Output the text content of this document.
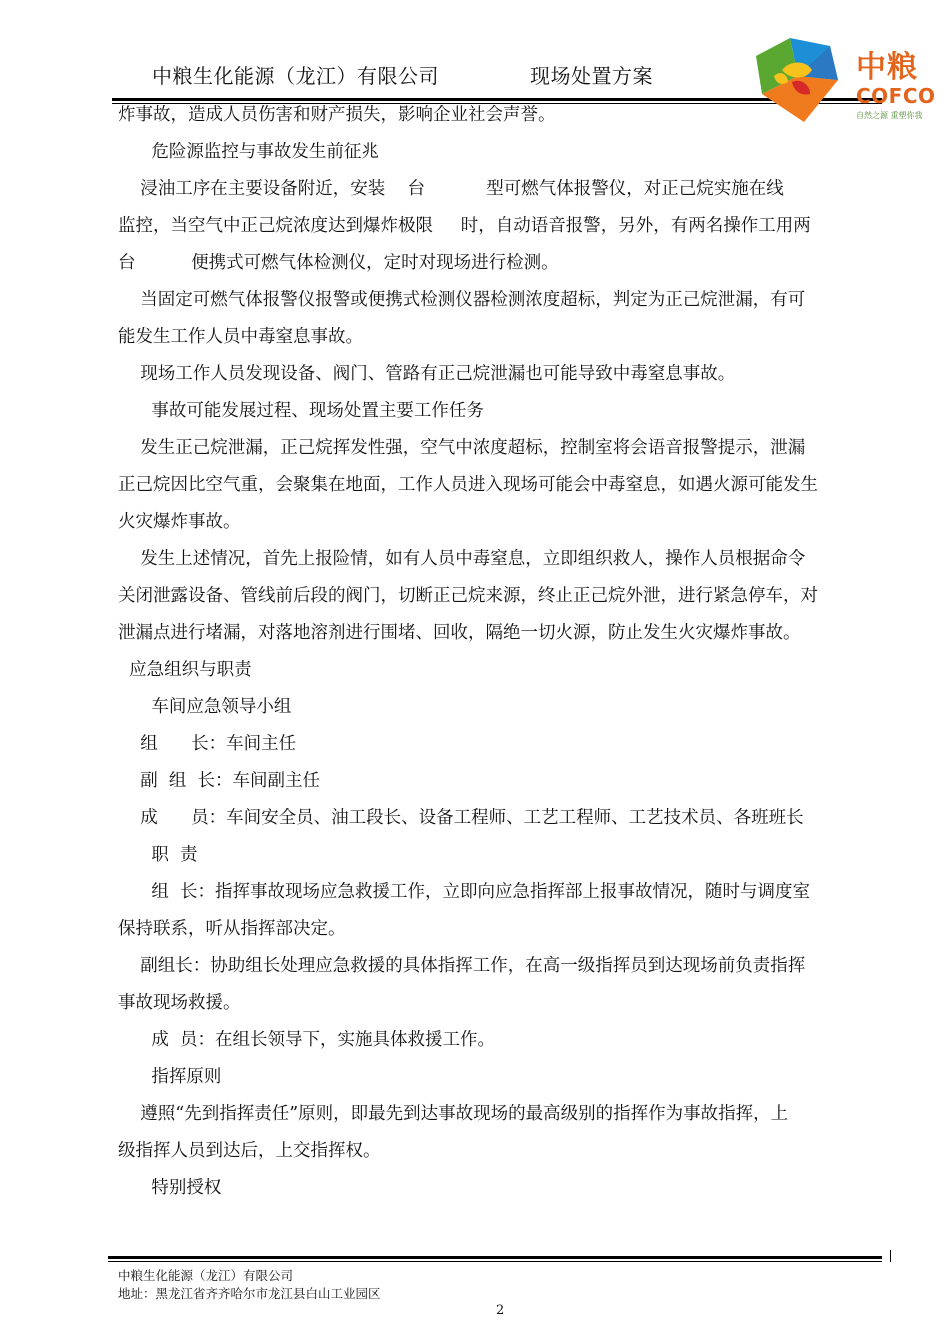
中粮生化能源（龙江）有限公司	现场处置方案	中粮
COFCO
自然之源 重塑你我
炸事故，造成人员伤害和财产损失，影响企业社会声誉。
危险源监控与事故发生前征兆
浸油工序在主要设备附近，安装    台           型可燃气体报警仪，对正己烷实施在线
监控，当空气中正己烷浓度达到爆炸极限     时，自动语音报警，另外，有两名操作工用两
台          便携式可燃气体检测仪，定时对现场进行检测。
当固定可燃气体报警仪报警或便携式检测仪器检测浓度超标，判定为正己烷泄漏，有可
能发生工作人员中毒窒息事故。
现场工作人员发现设备、阀门、管路有正己烷泄漏也可能导致中毒窒息事故。
事故可能发展过程、现场处置主要工作任务
发生正己烷泄漏，正己烷挥发性强，空气中浓度超标，控制室将会语音报警提示，泄漏
正己烷因比空气重，会聚集在地面，工作人员进入现场可能会中毒窒息，如遇火源可能发生
火灾爆炸事故。
发生上述情况，首先上报险情，如有人员中毒窒息，立即组织救人，操作人员根据命令
关闭泄露设备、管线前后段的阀门，切断正己烷来源，终止正己烷外泄，进行紧急停车，对
泄漏点进行堵漏，对落地溶剂进行围堵、回收，隔绝一切火源，防止发生火灾爆炸事故。
应急组织与职责
车间应急领导小组
组      长：车间主任
副  组  长：车间副主任
成      员：车间安全员、油工段长、设备工程师、工艺工程师、工艺技术员、各班班长
职  责
组  长：指挥事故现场应急救援工作，立即向应急指挥部上报事故情况，随时与调度室
保持联系，听从指挥部决定。
副组长：协助组长处理应急救援的具体指挥工作，在高一级指挥员到达现场前负责指挥
事故现场救援。
成  员：在组长领导下，实施具体救援工作。
指挥原则
遵照“先到指挥责任”原则，即最先到达事故现场的最高级别的指挥作为事故指挥，上
级指挥人员到达后，上交指挥权。
特别授权
中粮生化能源（龙江）有限公司
地址：黑龙江省齐齐哈尔市龙江县白山工业园区
2
